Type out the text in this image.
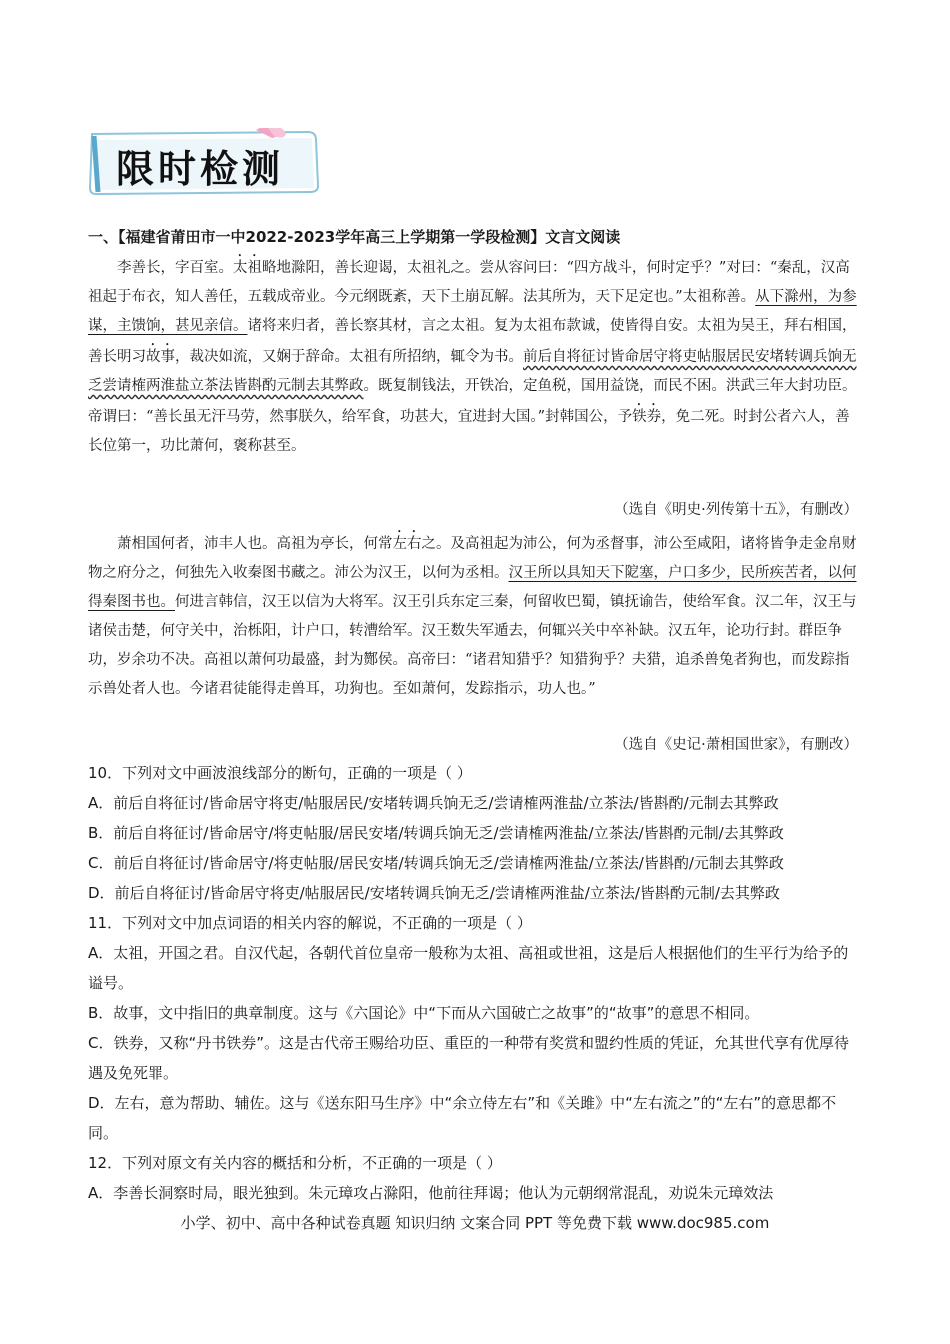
限时检测
一、【福建省莆田市一中2022-2023学年高三上学期第一学段检测】文言文阅读

李善长，字百室。太祖略地滁阳，善长迎谒，太祖礼之。尝从容问曰：“四方战斗，何时定乎？”对曰：“秦乱，汉高祖起于布衣，知人善任，五载成帝业。今元纲既紊，天下土崩瓦解。法其所为，天下足定也。”太祖称善。从下滁州，为参谋，主馈饷，甚见亲信。诸将来归者，善长察其材，言之太祖。复为太祖布款诚，使皆得自安。太祖为吴王，拜右相国，善长明习故事，裁决如流，又娴于辞命。太祖有所招纳，辄令为书。前后自将征讨皆命居守将吏帖服居民安堵转调兵饷无乏尝请榷两淮盐立茶法皆斟酌元制去其弊政。既复制钱法，开铁冶，定鱼税，国用益饶，而民不困。洪武三年大封功臣。帝谓曰：“善长虽无汗马劳，然事朕久，给军食，功甚大，宜进封大国。”封韩国公，予铁券，免二死。时封公者六人，善长位第一，功比萧何，褒称甚至。

（选自《明史·列传第十五》，有删改）

萧相国何者，沛丰人也。高祖为亭长，何常左右之。及高祖起为沛公，何为丞督事，沛公至咸阳，诸将皆争走金帛财物之府分之，何独先入收秦图书藏之。沛公为汉王，以何为丞相。汉王所以具知天下阸塞，户口多少，民所疾苦者，以何得秦图书也。何进言韩信，汉王以信为大将军。汉王引兵东定三秦，何留收巴蜀，镇抚谕告，使给军食。汉二年，汉王与诸侯击楚，何守关中，治栎阳，计户口，转漕给军。汉王数失军遁去，何辄兴关中卒补缺。汉五年，论功行封。群臣争功，岁余功不决。高祖以萧何功最盛，封为酂侯。高帝曰：“诸君知猎乎？知猎狗乎？夫猎，追杀兽兔者狗也，而发踪指示兽处者人也。今诸君徒能得走兽耳，功狗也。至如萧何，发踪指示，功人也。”

（选自《史记·萧相国世家》，有删改）

10．下列对文中画波浪线部分的断句，正确的一项是（ ）

A．前后自将征讨/皆命居守将吏/帖服居民/安堵转调兵饷无乏/尝请榷两淮盐/立茶法/皆斟酌/元制去其弊政

B．前后自将征讨/皆命居守/将吏帖服/居民安堵/转调兵饷无乏/尝请榷两淮盐/立茶法/皆斟酌元制/去其弊政

C．前后自将征讨/皆命居守/将吏帖服/居民安堵/转调兵饷无乏/尝请榷两淮盐/立茶法/皆斟酌/元制去其弊政

D．前后自将征讨/皆命居守将吏/帖服居民/安堵转调兵饷无乏/尝请榷两淮盐/立茶法/皆斟酌元制/去其弊政

11．下列对文中加点词语的相关内容的解说，不正确的一项是（ ）

A．太祖，开国之君。自汉代起，各朝代首位皇帝一般称为太祖、高祖或世祖，这是后人根据他们的生平行为给予的谥号。

B．故事，文中指旧的典章制度。这与《六国论》中“下而从六国破亡之故事”的“故事”的意思不相同。

C．铁券，又称“丹书铁券”。这是古代帝王赐给功臣、重臣的一种带有奖赏和盟约性质的凭证，允其世代享有优厚待遇及免死罪。

D．左右，意为帮助、辅佐。这与《送东阳马生序》中“余立侍左右”和《关雎》中“左右流之”的“左右”的意思都不同。

12．下列对原文有关内容的概括和分析，不正确的一项是（ ）

A．李善长洞察时局，眼光独到。朱元璋攻占滁阳，他前往拜谒；他认为元朝纲常混乱，劝说朱元璋效法

小学、初中、高中各种试卷真题 知识归纳 文案合同 PPT 等免费下载 www.doc985.com
